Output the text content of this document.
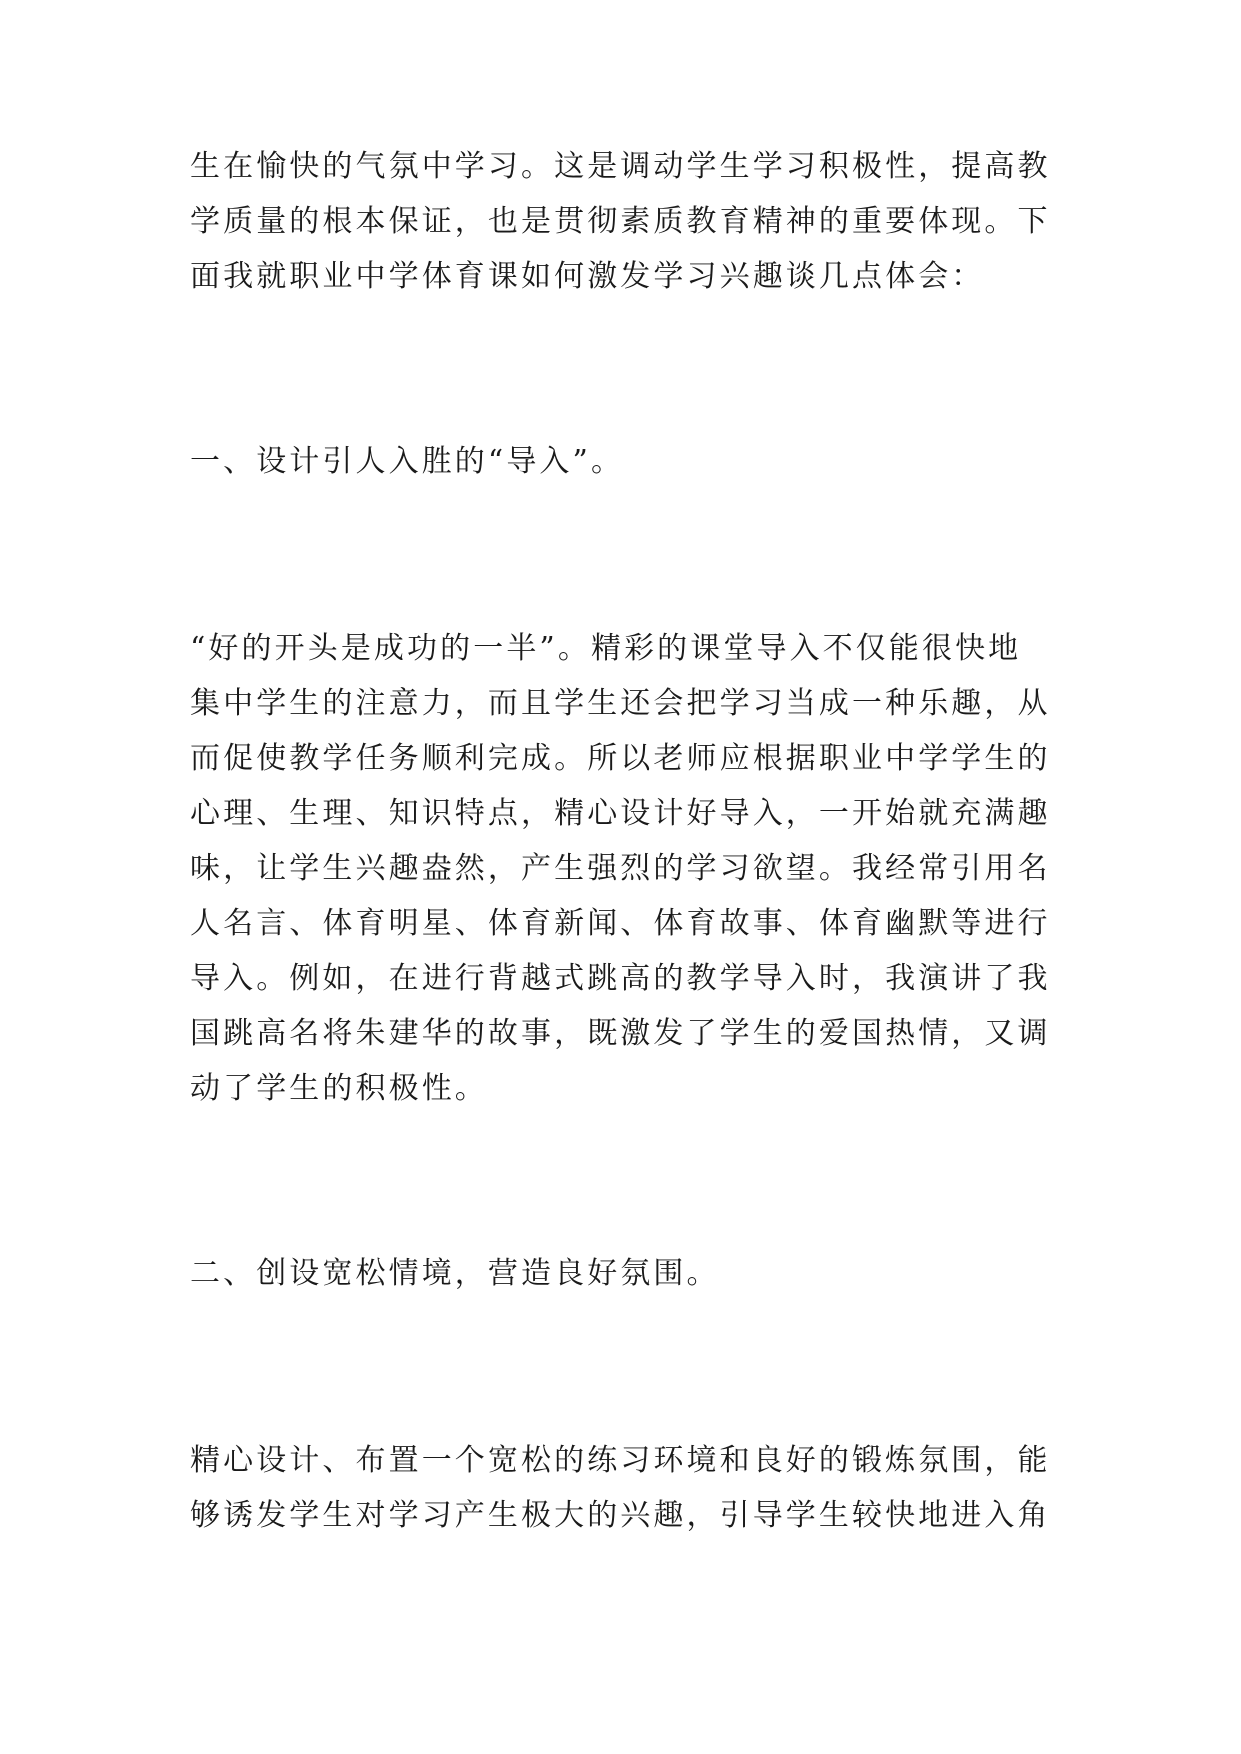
生在愉快的气氛中学习。这是调动学生学习积极性，提高教
学质量的根本保证，也是贯彻素质教育精神的重要体现。下
面我就职业中学体育课如何激发学习兴趣谈几点体会：
一、设计引人入胜的“导入”。
“好的开头是成功的一半”。精彩的课堂导入不仅能很快地
集中学生的注意力，而且学生还会把学习当成一种乐趣，从
而促使教学任务顺利完成。所以老师应根据职业中学学生的
心理、生理、知识特点，精心设计好导入，一开始就充满趣
味，让学生兴趣盎然，产生强烈的学习欲望。我经常引用名
人名言、体育明星、体育新闻、体育故事、体育幽默等进行
导入。例如，在进行背越式跳高的教学导入时，我演讲了我
国跳高名将朱建华的故事，既激发了学生的爱国热情，又调
动了学生的积极性。
二、创设宽松情境，营造良好氛围。
精心设计、布置一个宽松的练习环境和良好的锻炼氛围，能
够诱发学生对学习产生极大的兴趣，引导学生较快地进入角
